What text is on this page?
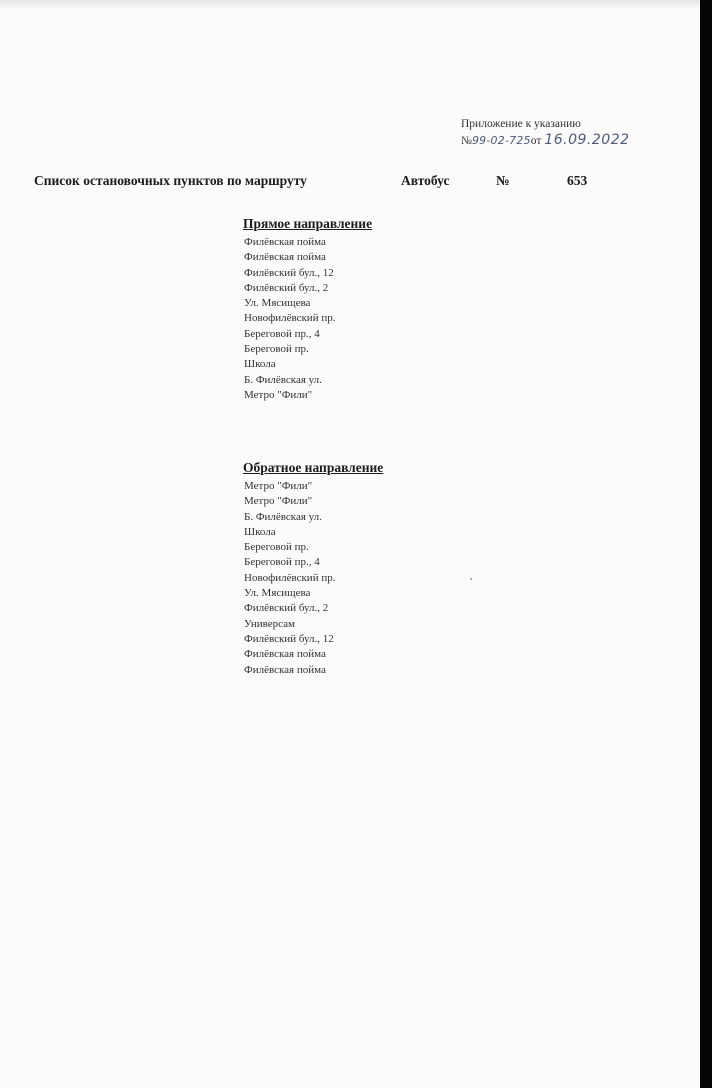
Приложение к указанию
№ 99-02-725 от 16.09.2022
Список остановочных пунктов по маршруту	Автобус	№	653
Прямое направление
Филёвская пойма
Филёвская пойма
Филёвский бул., 12
Филёвский бул., 2
Ул. Мясищева
Новофилёвский пр.
Береговой пр., 4
Береговой пр.
Школа
Б. Филёвская ул.
Метро "Фили"
Обратное направление
Метро "Фили"
Метро "Фили"
Б. Филёвская ул.
Школа
Береговой пр.
Береговой пр., 4
Новофилёвский пр.
Ул. Мясищева
Филёвский бул., 2
Универсам
Филёвский бул., 12
Филёвская пойма
Филёвская пойма
